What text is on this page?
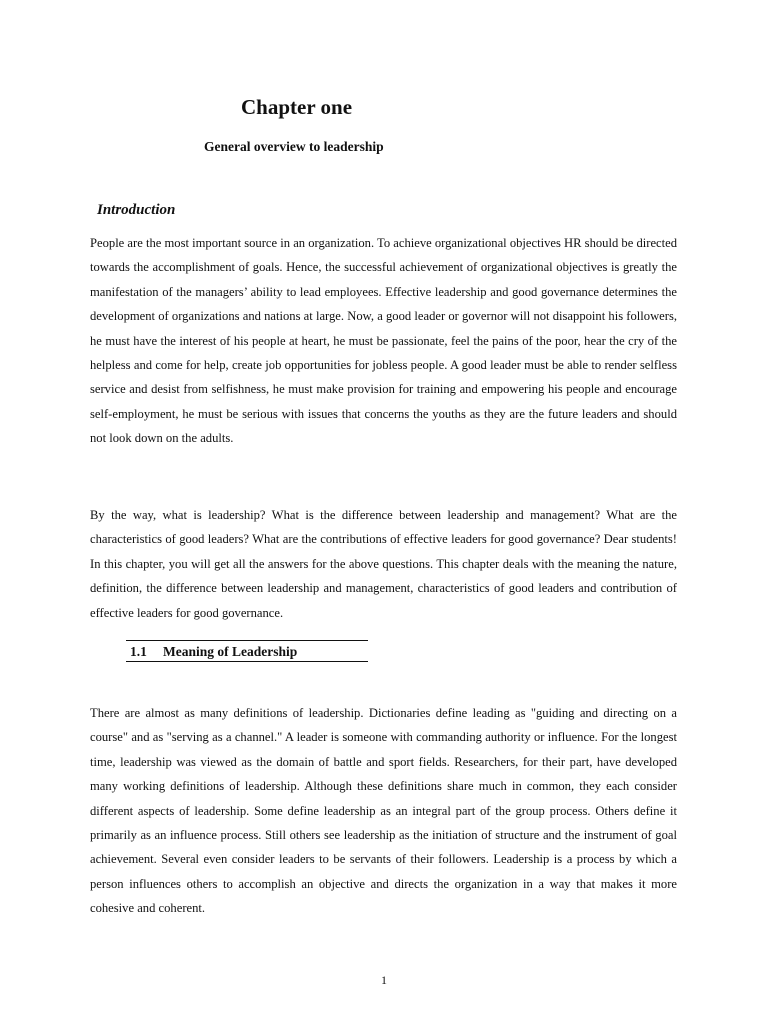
Chapter one
General overview to leadership
Introduction

People are the most important source in an organization. To achieve organizational objectives HR should be directed towards the accomplishment of goals. Hence, the successful achievement of organizational objectives is greatly the manifestation of the managers’ ability to lead employees. Effective leadership and good governance determines the development of organizations and nations at large. Now, a good leader or governor will not disappoint his followers, he must have the interest of his people at heart, he must be passionate, feel the pains of the poor, hear the cry of the helpless and come for help, create job opportunities for jobless people. A good leader must be able to render selfless service and desist from selfishness, he must make provision for training and empowering his people and encourage self-employment, he must be serious with issues that concerns the youths as they are the future leaders and should not look down on the adults.

By the way, what is leadership? What is the difference between leadership and management? What are the characteristics of good leaders? What are the contributions of effective leaders for good governance? Dear students! In this chapter, you will get all the answers for the above questions. This chapter deals with the meaning the nature, definition, the difference between leadership and management, characteristics of good leaders and contribution of effective leaders for good governance.

1.1 Meaning of Leadership

There are almost as many definitions of leadership. Dictionaries define leading as "guiding and directing on a course" and as "serving as a channel." A leader is someone with commanding authority or influence. For the longest time, leadership was viewed as the domain of battle and sport fields. Researchers, for their part, have developed many working definitions of leadership. Although these definitions share much in common, they each consider different aspects of leadership. Some define leadership as an integral part of the group process. Others define it primarily as an influence process. Still others see leadership as the initiation of structure and the instrument of goal achievement. Several even consider leaders to be servants of their followers. Leadership is a process by which a person influences others to accomplish an objective and directs the organization in a way that makes it more cohesive and coherent.

1
